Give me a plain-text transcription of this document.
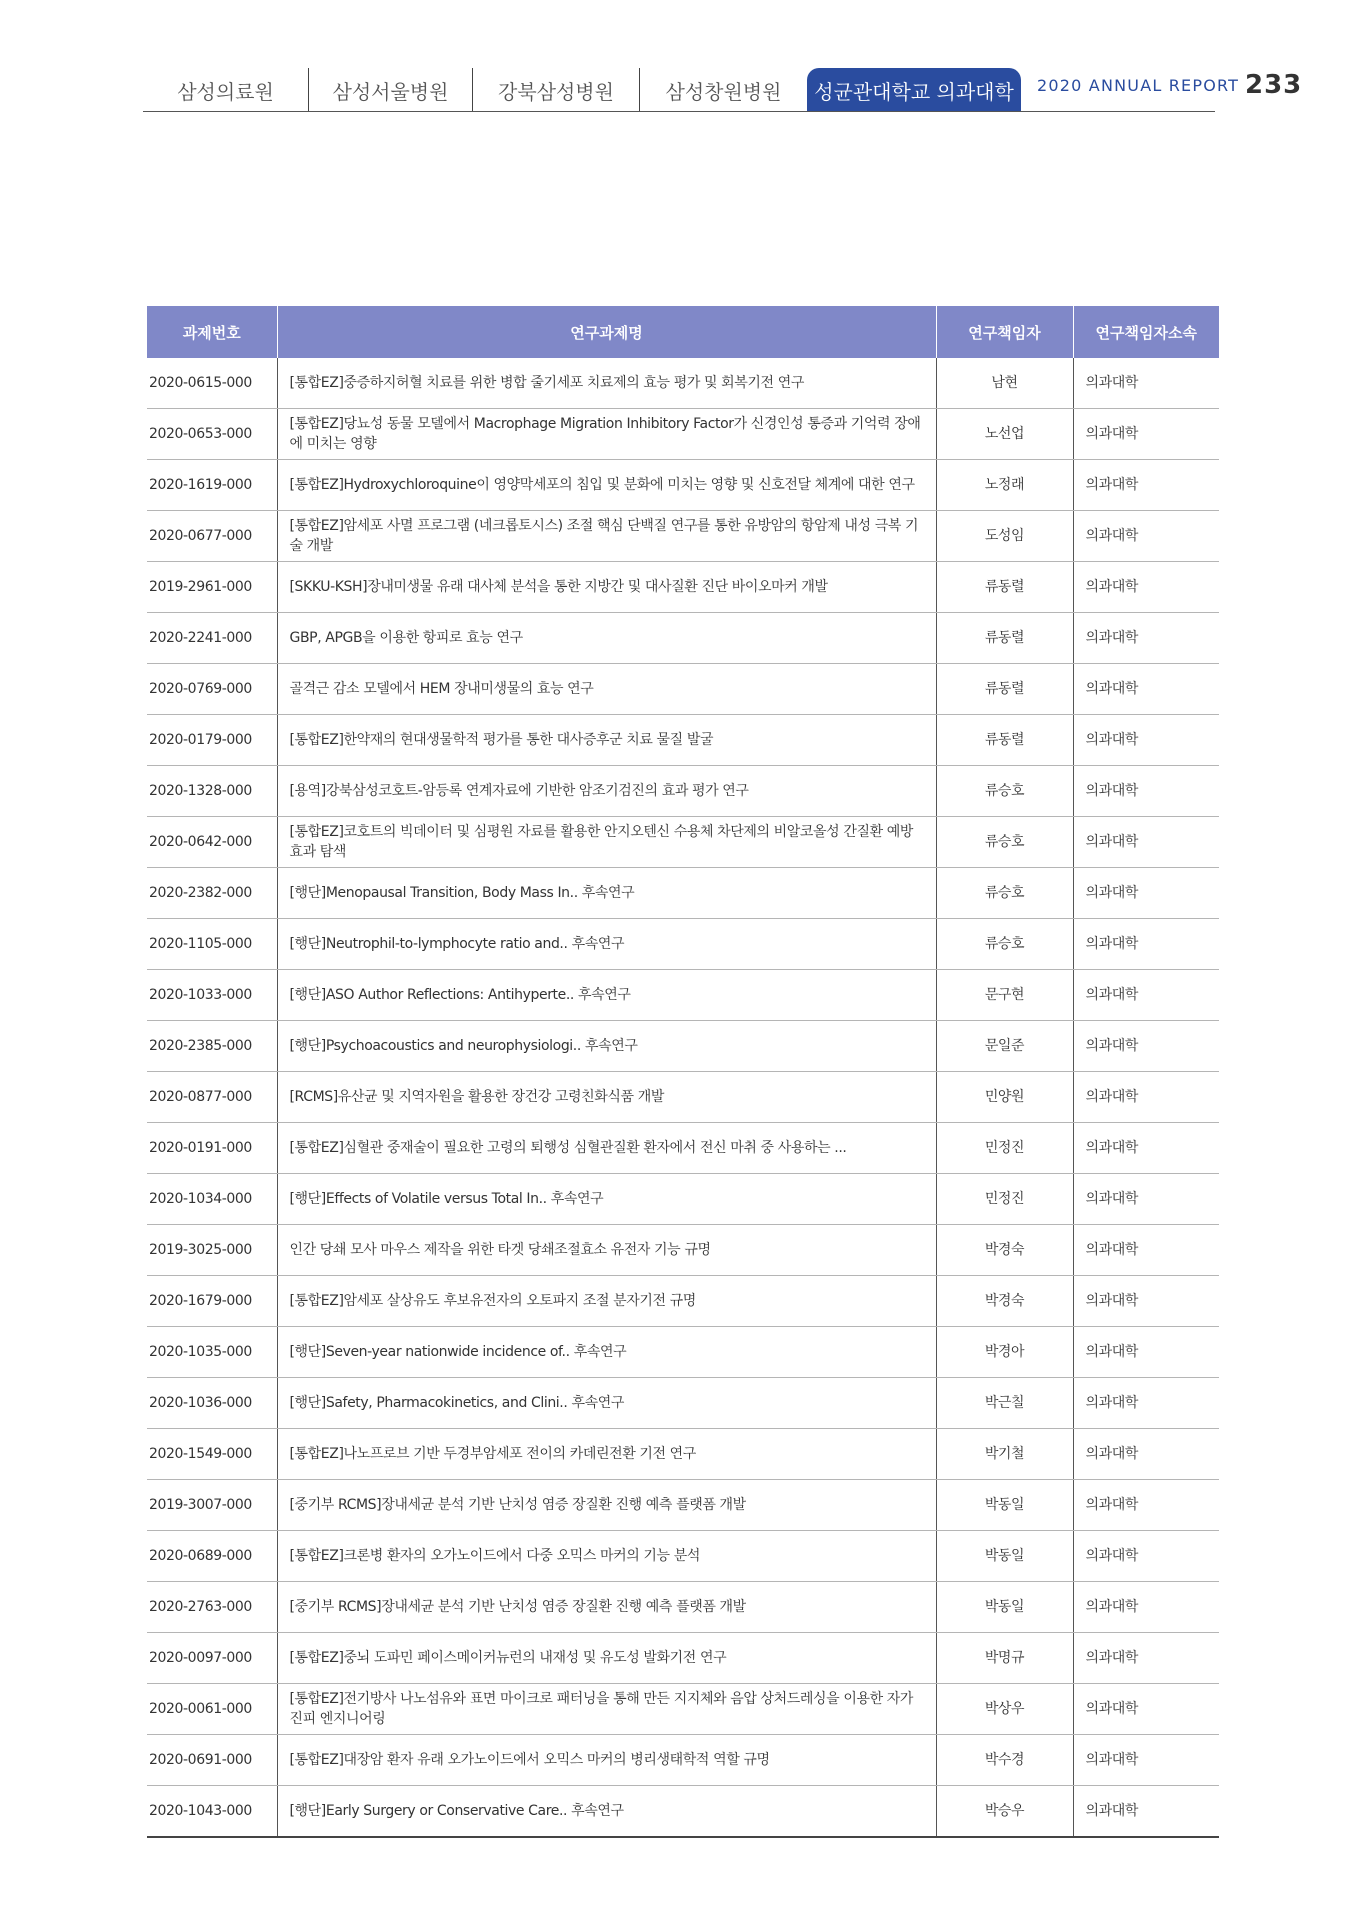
삼성의료원	삼성서울병원	강북삼성병원	삼성창원병원	성균관대학교 의과대학	2020 ANNUAL REPORT 233
과제번호	연구과제명	연구책임자	연구책임자소속
2020-0615-000	[통합EZ]중증하지허혈 치료를 위한 병합 줄기세포 치료제의 효능 평가 및 회복기전 연구	남현	의과대학
2020-0653-000	[통합EZ]당뇨성 동물 모델에서 Macrophage Migration Inhibitory Factor가 신경인성 통증과 기억력 장애에 미치는 영향	노선업	의과대학
2020-1619-000	[통합EZ]Hydroxychloroquine이 영양막세포의 침입 및 분화에 미치는 영향 및 신호전달 체계에 대한 연구	노정래	의과대학
2020-0677-000	[통합EZ]암세포 사멸 프로그램 (네크롭토시스) 조절 핵심 단백질 연구를 통한 유방암의 항암제 내성 극복 기술 개발	도성임	의과대학
2019-2961-000	[SKKU-KSH]장내미생물 유래 대사체 분석을 통한 지방간 및 대사질환 진단 바이오마커 개발	류동렬	의과대학
2020-2241-000	GBP, APGB을 이용한 항피로 효능 연구	류동렬	의과대학
2020-0769-000	골격근 감소 모델에서 HEM 장내미생물의 효능 연구	류동렬	의과대학
2020-0179-000	[통합EZ]한약재의 현대생물학적 평가를 통한 대사증후군 치료 물질 발굴	류동렬	의과대학
2020-1328-000	[용역]강북삼성코호트-암등록 연계자료에 기반한 암조기검진의 효과 평가 연구	류승호	의과대학
2020-0642-000	[통합EZ]코호트의 빅데이터 및 심평원 자료를 활용한 안지오텐신 수용체 차단제의 비알코올성 간질환 예방 효과 탐색	류승호	의과대학
2020-2382-000	[행단]Menopausal Transition, Body Mass In.. 후속연구	류승호	의과대학
2020-1105-000	[행단]Neutrophil-to-lymphocyte ratio and.. 후속연구	류승호	의과대학
2020-1033-000	[행단]ASO Author Reflections: Antihyperte.. 후속연구	문구현	의과대학
2020-2385-000	[행단]Psychoacoustics and neurophysiologi.. 후속연구	문일준	의과대학
2020-0877-000	[RCMS]유산균 및 지역자원을 활용한 장건강 고령친화식품 개발	민양원	의과대학
2020-0191-000	[통합EZ]심혈관 중재술이 필요한 고령의 퇴행성 심혈관질환 환자에서 전신 마취 중 사용하는 ...	민정진	의과대학
2020-1034-000	[행단]Effects of Volatile versus Total In.. 후속연구	민정진	의과대학
2019-3025-000	인간 당쇄 모사 마우스 제작을 위한 타겟 당쇄조절효소 유전자 기능 규명	박경숙	의과대학
2020-1679-000	[통합EZ]암세포 살상유도 후보유전자의 오토파지 조절 분자기전 규명	박경숙	의과대학
2020-1035-000	[행단]Seven-year nationwide incidence of.. 후속연구	박경아	의과대학
2020-1036-000	[행단]Safety, Pharmacokinetics, and Clini.. 후속연구	박근칠	의과대학
2020-1549-000	[통합EZ]나노프로브 기반 두경부암세포 전이의 카데린전환 기전 연구	박기철	의과대학
2019-3007-000	[중기부 RCMS]장내세균 분석 기반 난치성 염증 장질환 진행 예측 플랫폼 개발	박동일	의과대학
2020-0689-000	[통합EZ]크론병 환자의 오가노이드에서 다중 오믹스 마커의 기능 분석	박동일	의과대학
2020-2763-000	[중기부 RCMS]장내세균 분석 기반 난치성 염증 장질환 진행 예측 플랫폼 개발	박동일	의과대학
2020-0097-000	[통합EZ]중뇌 도파민 페이스메이커뉴런의 내재성 및 유도성 발화기전 연구	박명규	의과대학
2020-0061-000	[통합EZ]전기방사 나노섬유와 표면 마이크로 패터닝을 통해 만든 지지체와 음압 상처드레싱을 이용한 자가진피 엔지니어링	박상우	의과대학
2020-0691-000	[통합EZ]대장암 환자 유래 오가노이드에서 오믹스 마커의 병리생태학적 역할 규명	박수경	의과대학
2020-1043-000	[행단]Early Surgery or Conservative Care.. 후속연구	박승우	의과대학
